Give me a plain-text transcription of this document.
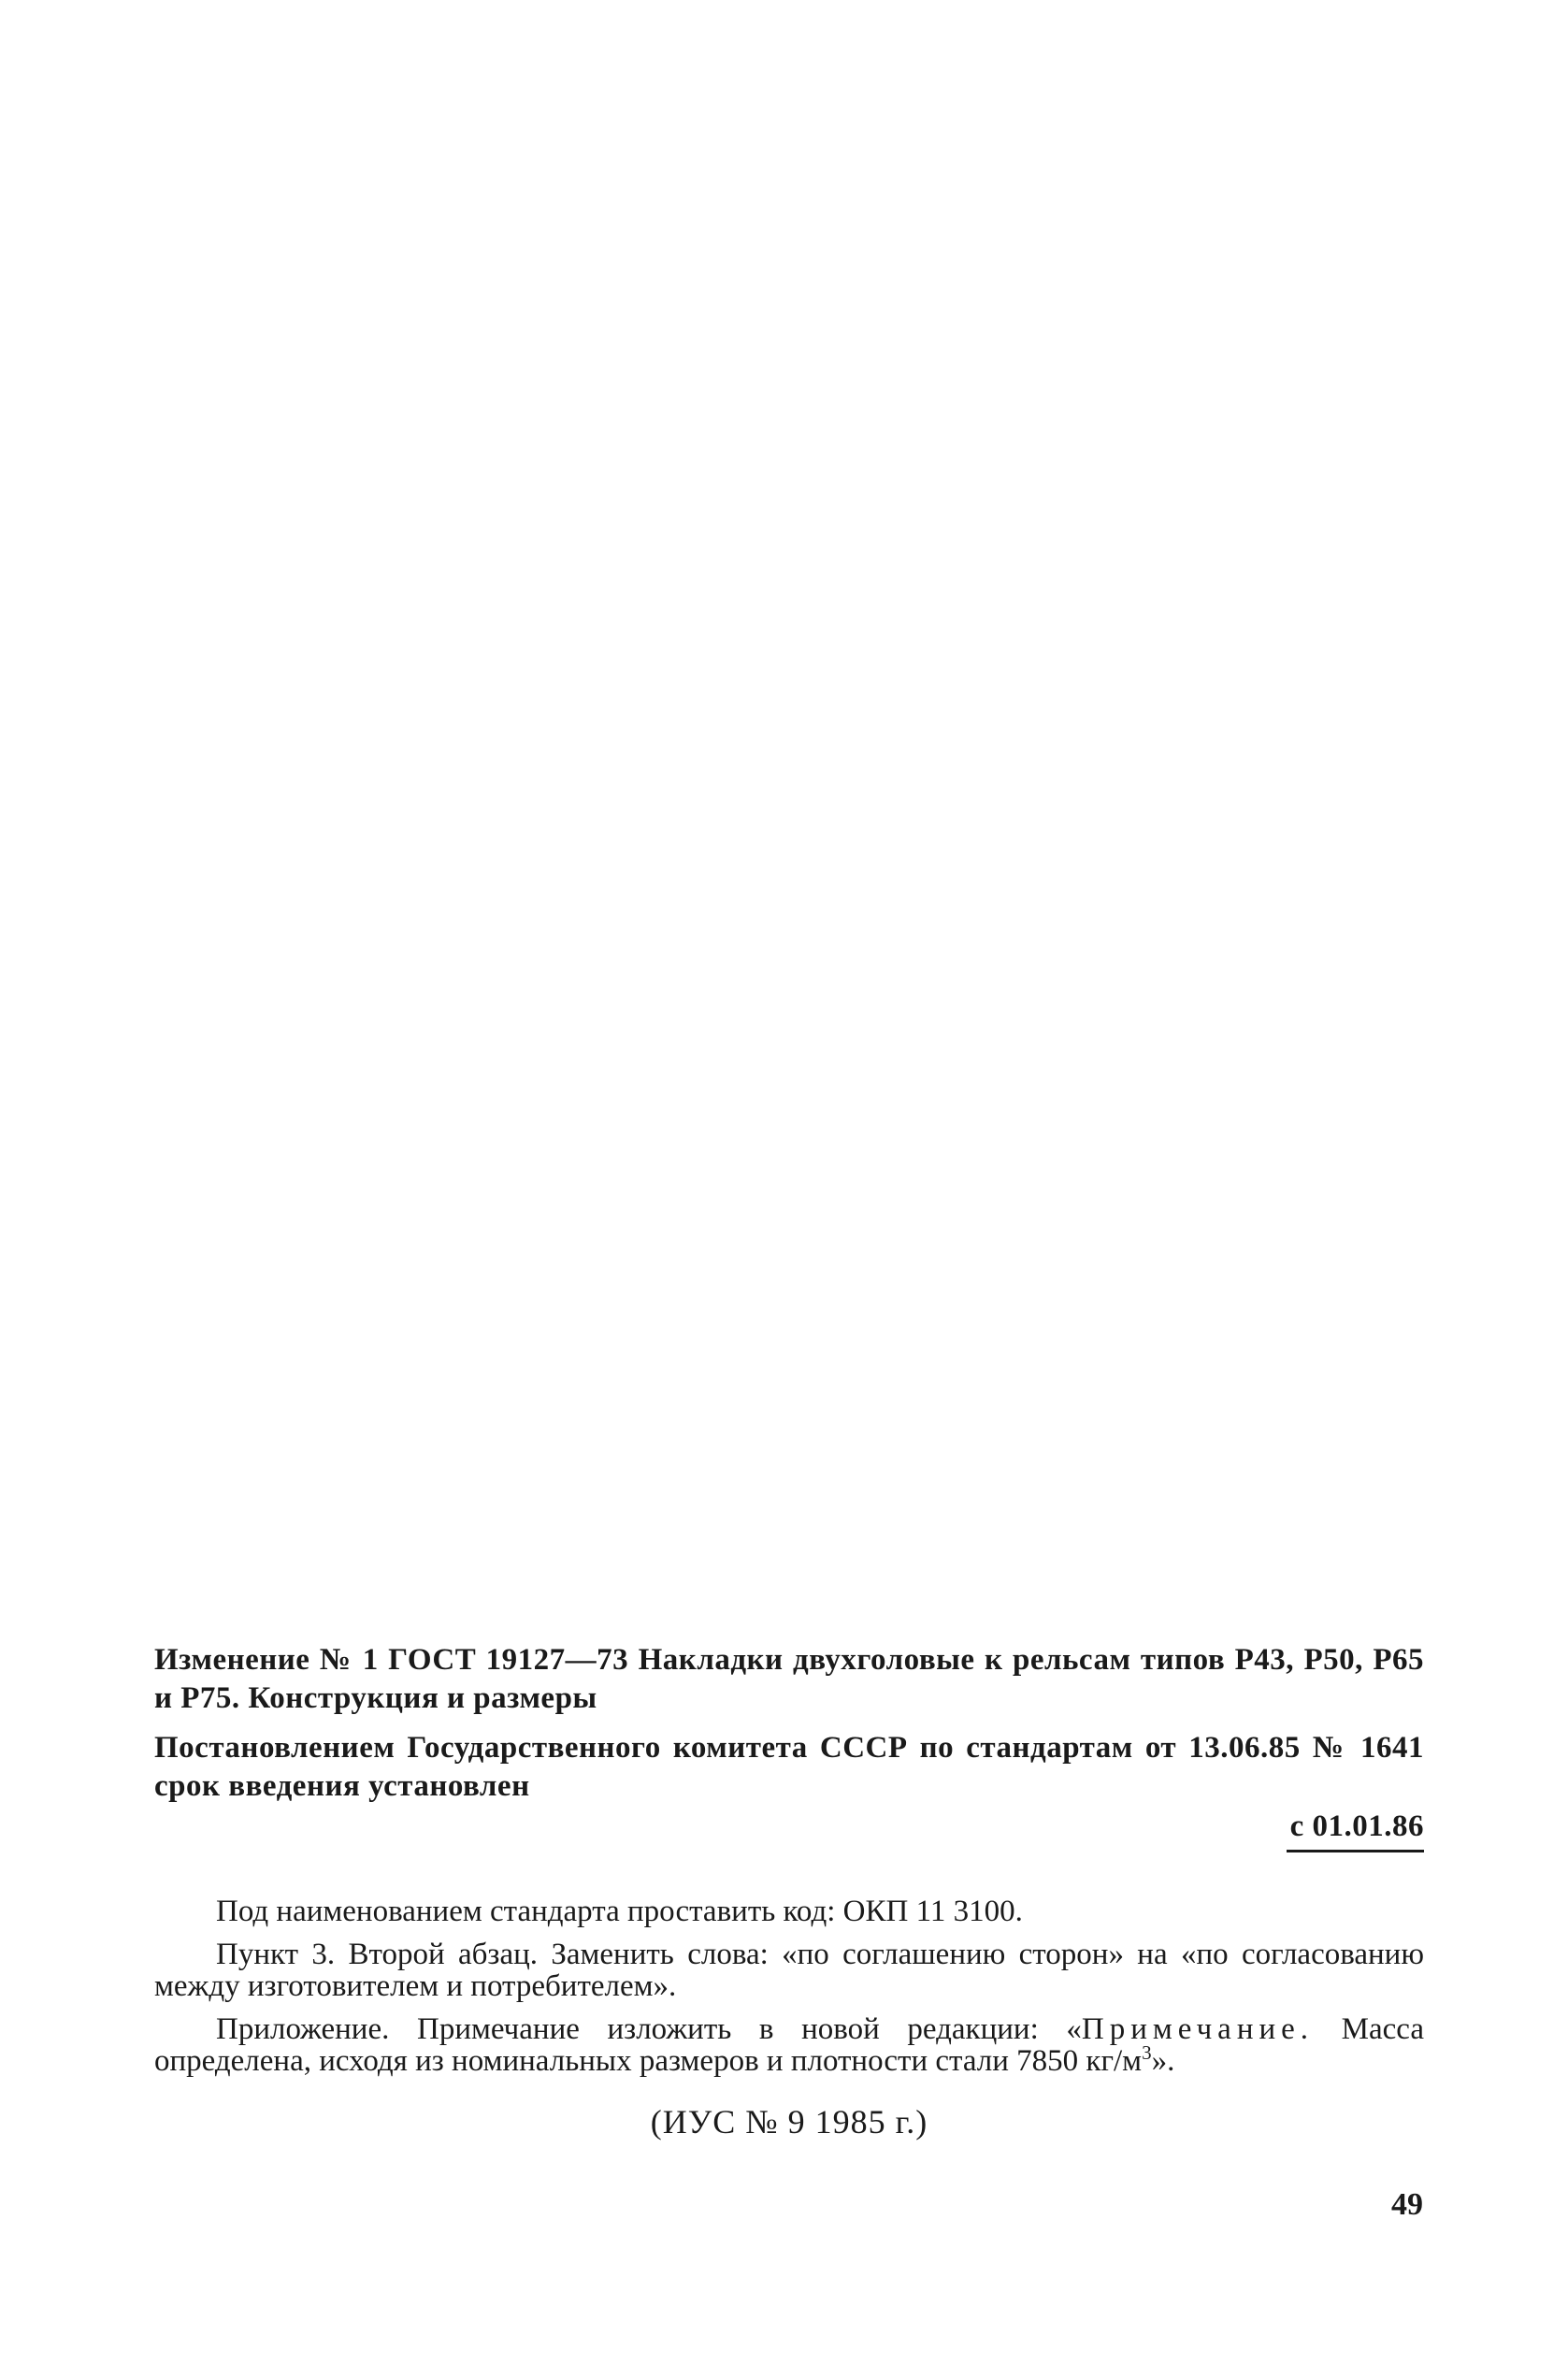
Изменение № 1 ГОСТ 19127—73 Накладки двухголовые к рельсам типов Р43, Р50, Р65 и Р75. Конструкция и размеры

Постановлением Государственного комитета СССР по стандартам от 13.06.85 № 1641 срок введения установлен

с 01.01.86

Под наименованием стандарта проставить код: ОКП 11 3100.

Пункт 3. Второй абзац. Заменить слова: «по соглашению сторон» на «по согласованию между изготовителем и потребителем».

Приложение. Примечание изложить в новой редакции: «Примечание. Масса определена, исходя из номинальных размеров и плотности стали 7850 $кг/м^3$».

(ИУС № 9 1985 г.)
49
